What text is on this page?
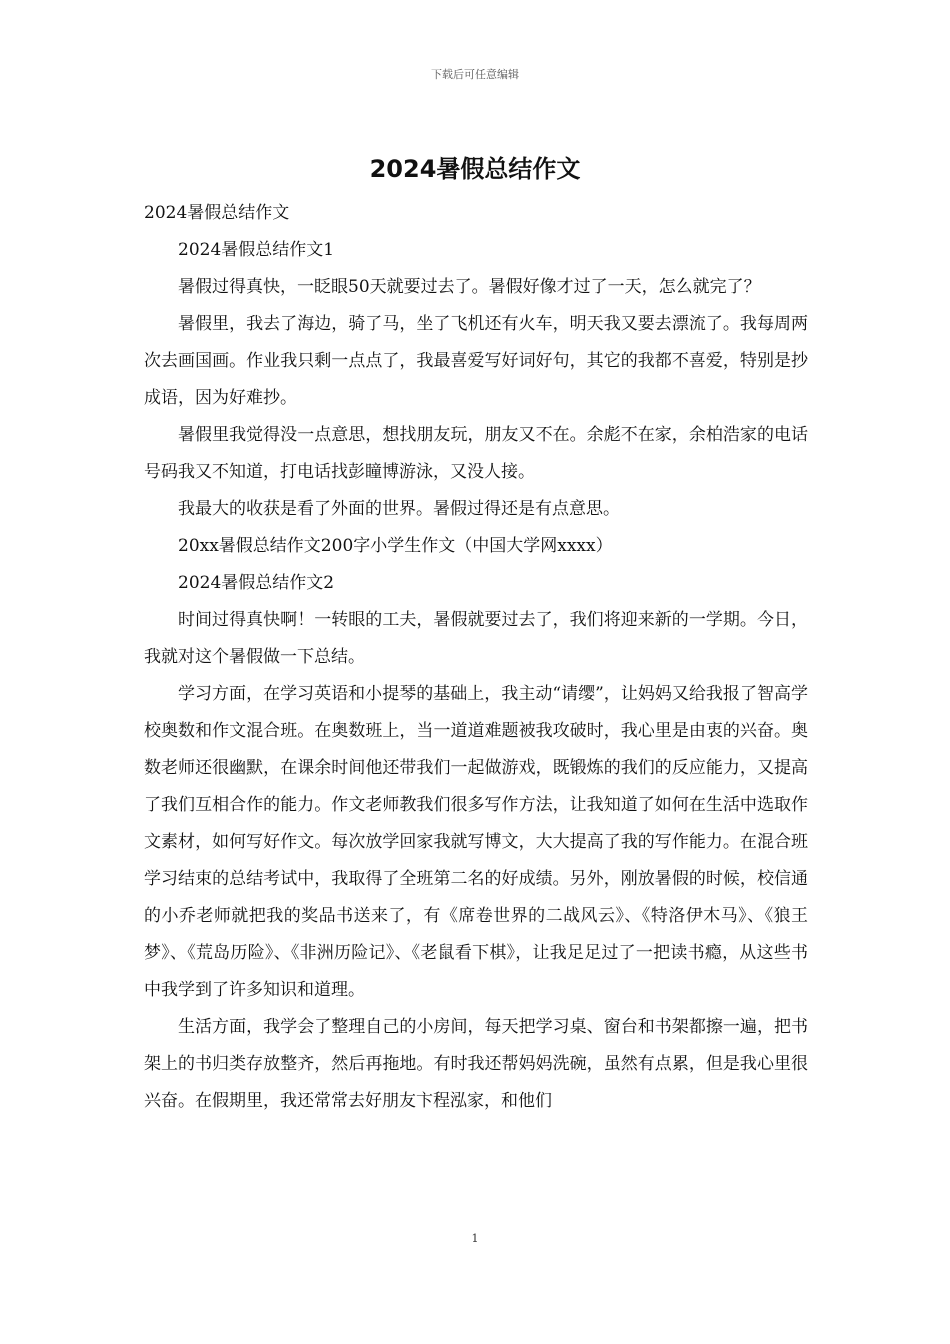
下载后可任意编辑
2024暑假总结作文

2024暑假总结作文

2024暑假总结作文1

暑假过得真快，一眨眼50天就要过去了。暑假好像才过了一天，怎么就完了？

暑假里，我去了海边，骑了马，坐了飞机还有火车，明天我又要去漂流了。我每周两次去画国画。作业我只剩一点点了，我最喜爱写好词好句，其它的我都不喜爱，特别是抄成语，因为好难抄。

暑假里我觉得没一点意思，想找朋友玩，朋友又不在。余彪不在家，余柏浩家的电话号码我又不知道，打电话找彭瞳博游泳，又没人接。

我最大的收获是看了外面的世界。暑假过得还是有点意思。

20xx暑假总结作文200字小学生作文（中国大学网xxxx）

2024暑假总结作文2

时间过得真快啊！一转眼的工夫，暑假就要过去了，我们将迎来新的一学期。今日，我就对这个暑假做一下总结。

学习方面，在学习英语和小提琴的基础上，我主动“请缨”，让妈妈又给我报了智高学校奥数和作文混合班。在奥数班上，当一道道难题被我攻破时，我心里是由衷的兴奋。奥数老师还很幽默，在课余时间他还带我们一起做游戏，既锻炼的我们的反应能力，又提高了我们互相合作的能力。作文老师教我们很多写作方法，让我知道了如何在生活中选取作文素材，如何写好作文。每次放学回家我就写博文，大大提高了我的写作能力。在混合班学习结束的总结考试中，我取得了全班第二名的好成绩。另外，刚放暑假的时候，校信通的小乔老师就把我的奖品书送来了，有《席卷世界的二战风云》、《特洛伊木马》、《狼王梦》、《荒岛历险》、《非洲历险记》、《老鼠看下棋》，让我足足过了一把读书瘾，从这些书中我学到了许多知识和道理。

生活方面，我学会了整理自己的小房间，每天把学习桌、窗台和书架都擦一遍，把书架上的书归类存放整齐，然后再拖地。有时我还帮妈妈洗碗，虽然有点累，但是我心里很兴奋。在假期里，我还常常去好朋友卞程泓家，和他们

1
